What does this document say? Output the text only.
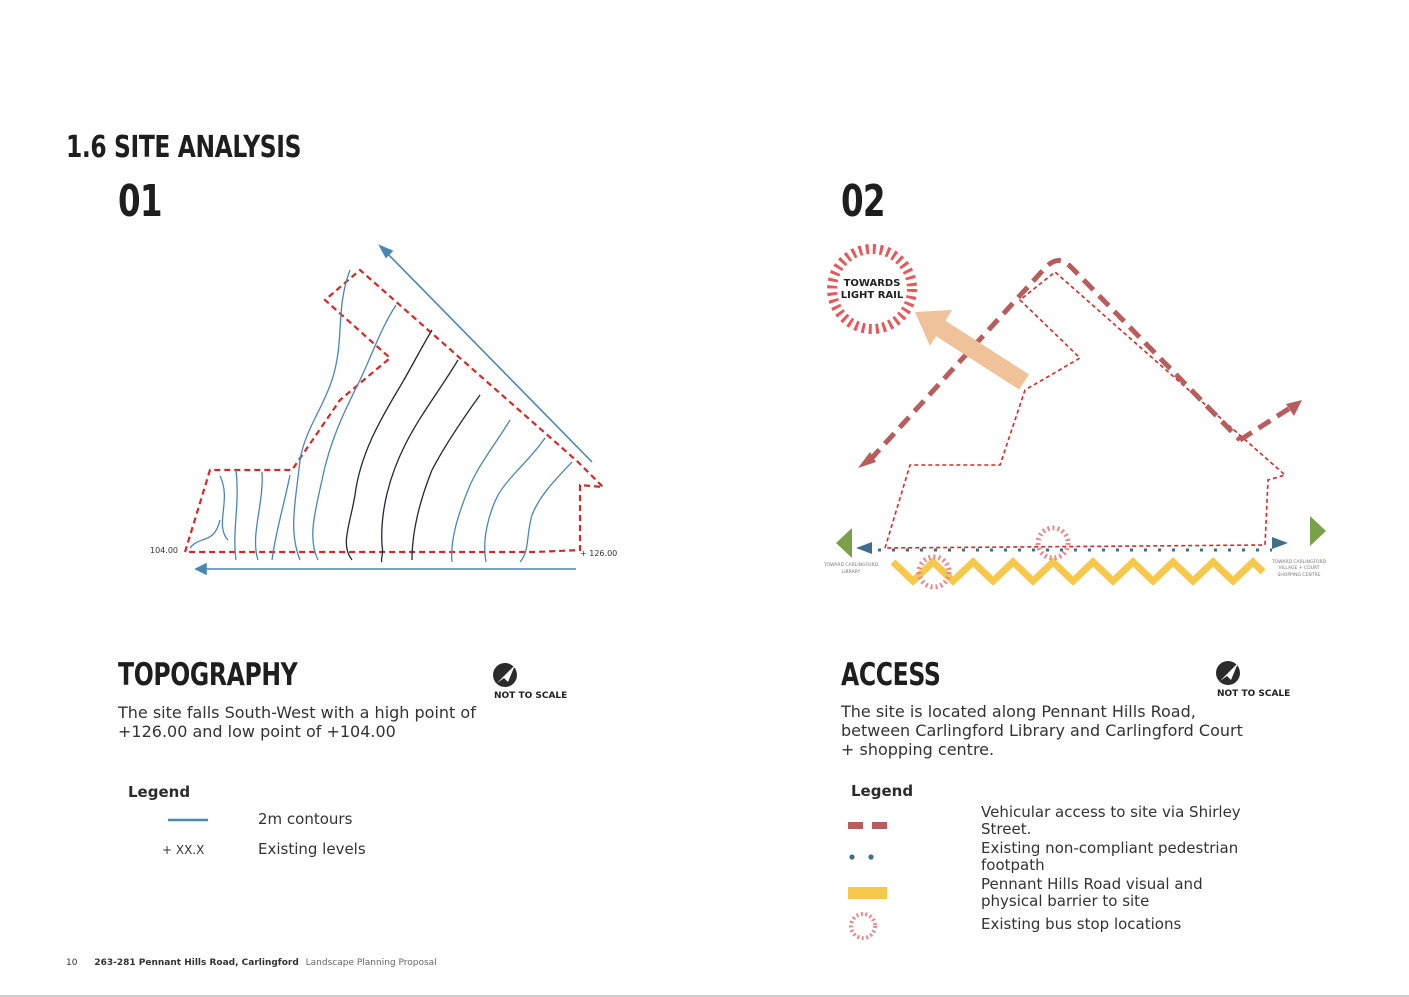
1.6 SITE ANALYSIS
01	02
104.00	+ 126.00
TOWARDS
LIGHT RAIL
TOWARD CARLINGFORD
LIBRARY
TOWARD CARLINGFORD
VILLAGE + COURT
SHOPPING CENTRE
NOT TO SCALE	NOT TO SCALE
TOPOGRAPHY	ACCESS
The site falls South-West with a high point of +126.00 and low point of +104.00
The site is located along Pennant Hills Road, between Carlingford Library and Carlingford Court + shopping centre.
Legend
2m contours
+ XX.X	Existing levels
Legend
Vehicular access to site via Shirley
Street.
Existing non-compliant pedestrian
footpath
Pennant Hills Road visual and
physical barrier to site
Existing bus stop locations
10 263-281 Pennant Hills Road, Carlingford Landscape Planning Proposal
